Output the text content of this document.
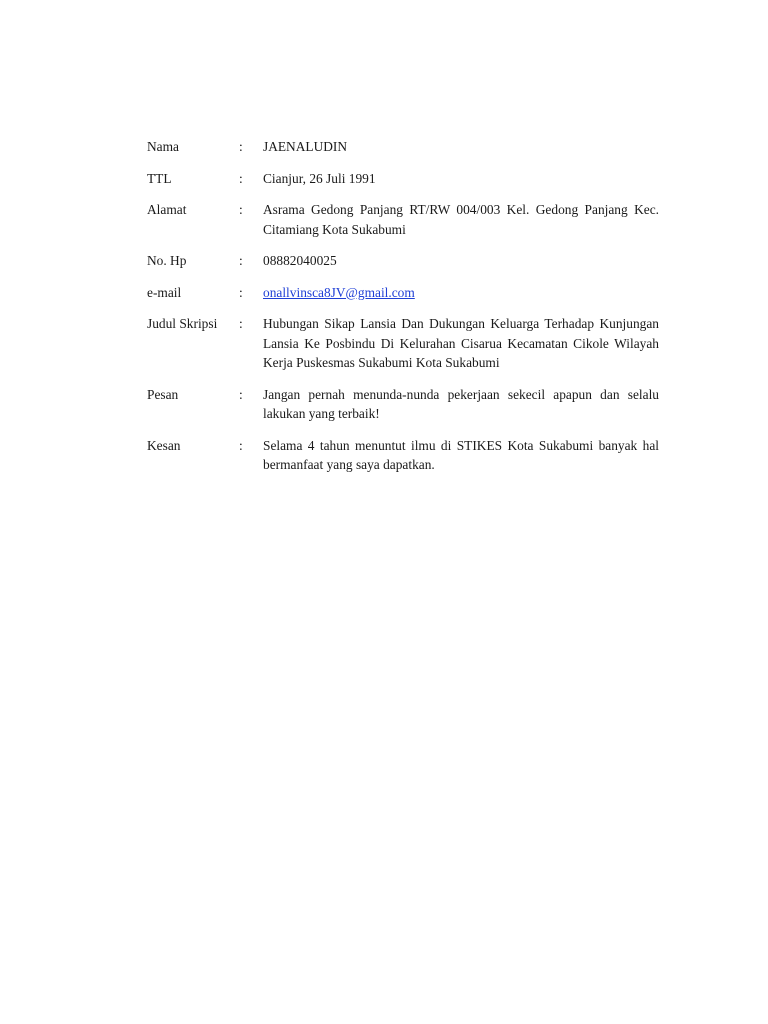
Nama	:	JAENALUDIN
TTL	:	Cianjur, 26 Juli 1991
Alamat	:	Asrama Gedong Panjang RT/RW 004/003 Kel. Gedong Panjang Kec. Citamiang Kota Sukabumi
No. Hp	:	08882040025
e-mail	:	onallvinsca8JV@gmail.com
Judul Skripsi	:	Hubungan Sikap Lansia Dan Dukungan Keluarga Terhadap Kunjungan Lansia Ke Posbindu Di Kelurahan Cisarua Kecamatan Cikole Wilayah Kerja Puskesmas Sukabumi Kota Sukabumi
Pesan	:	Jangan pernah menunda-nunda pekerjaan sekecil apapun dan selalu lakukan yang terbaik!
Kesan	:	Selama 4 tahun menuntut ilmu di STIKES Kota Sukabumi banyak hal bermanfaat yang saya dapatkan.
